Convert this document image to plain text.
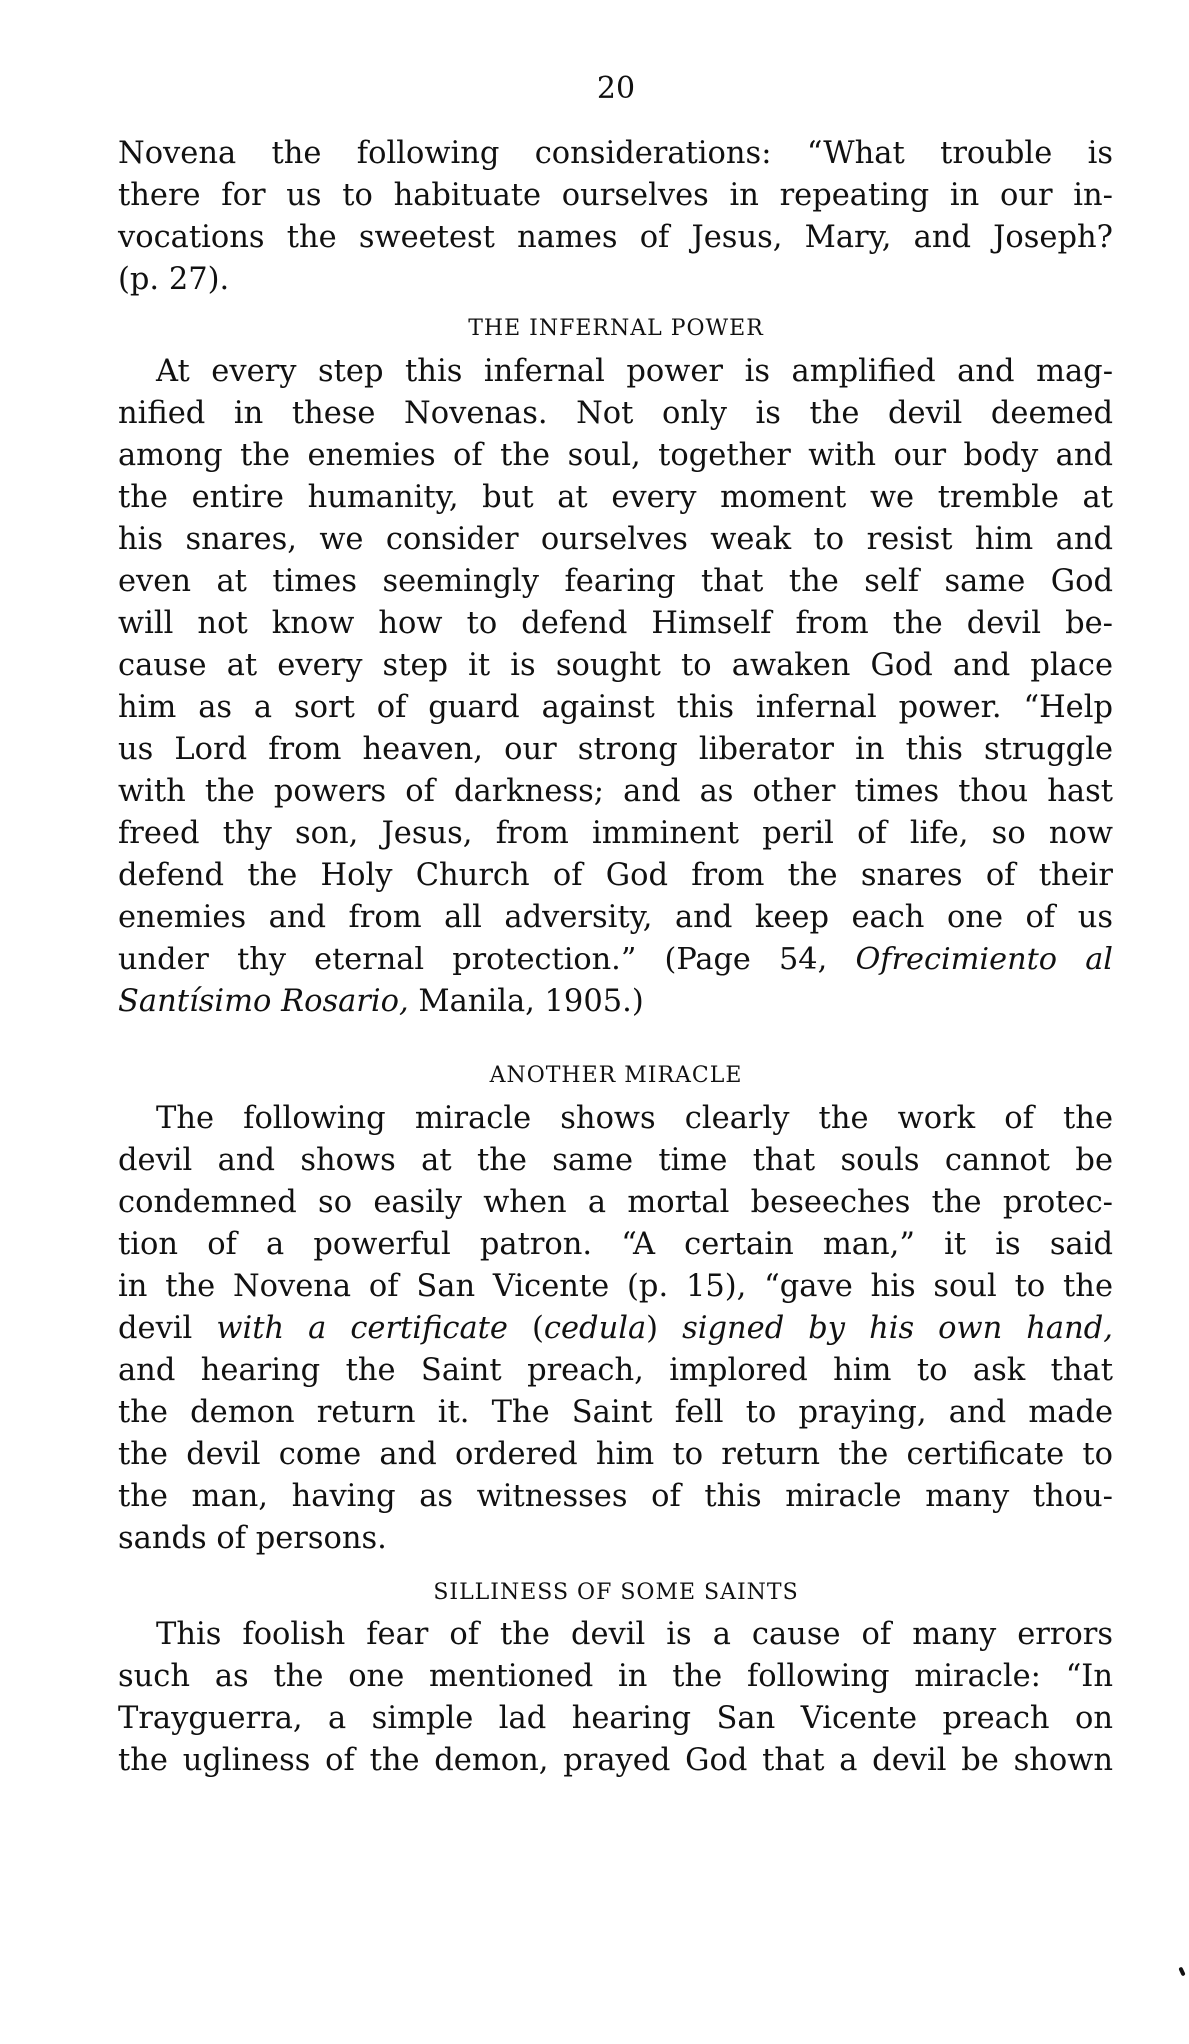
20
Novena the following considerations: “What trouble is
there for us to habituate ourselves in repeating in our in-
vocations the sweetest names of Jesus, Mary, and Joseph?
(p. 27).
THE INFERNAL POWER
At every step this infernal power is amplified and mag-
nified in these Novenas. Not only is the devil deemed
among the enemies of the soul, together with our body and
the entire humanity, but at every moment we tremble at
his snares, we consider ourselves weak to resist him and
even at times seemingly fearing that the self same God
will not know how to defend Himself from the devil be-
cause at every step it is sought to awaken God and place
him as a sort of guard against this infernal power. “Help
us Lord from heaven, our strong liberator in this struggle
with the powers of darkness; and as other times thou hast
freed thy son, Jesus, from imminent peril of life, so now
defend the Holy Church of God from the snares of their
enemies and from all adversity, and keep each one of us
under thy eternal protection.” (Page 54, Ofrecimiento al
Santísimo Rosario, Manila, 1905.)
ANOTHER MIRACLE
The following miracle shows clearly the work of the
devil and shows at the same time that souls cannot be
condemned so easily when a mortal beseeches the protec-
tion of a powerful patron. “A certain man,” it is said
in the Novena of San Vicente (p. 15), “gave his soul to the
devil with a certificate (cedula) signed by his own hand,
and hearing the Saint preach, implored him to ask that
the demon return it. The Saint fell to praying, and made
the devil come and ordered him to return the certificate to
the man, having as witnesses of this miracle many thou-
sands of persons.
SILLINESS OF SOME SAINTS
This foolish fear of the devil is a cause of many errors
such as the one mentioned in the following miracle: “In
Trayguerra, a simple lad hearing San Vicente preach on
the ugliness of the demon, prayed God that a devil be shown
